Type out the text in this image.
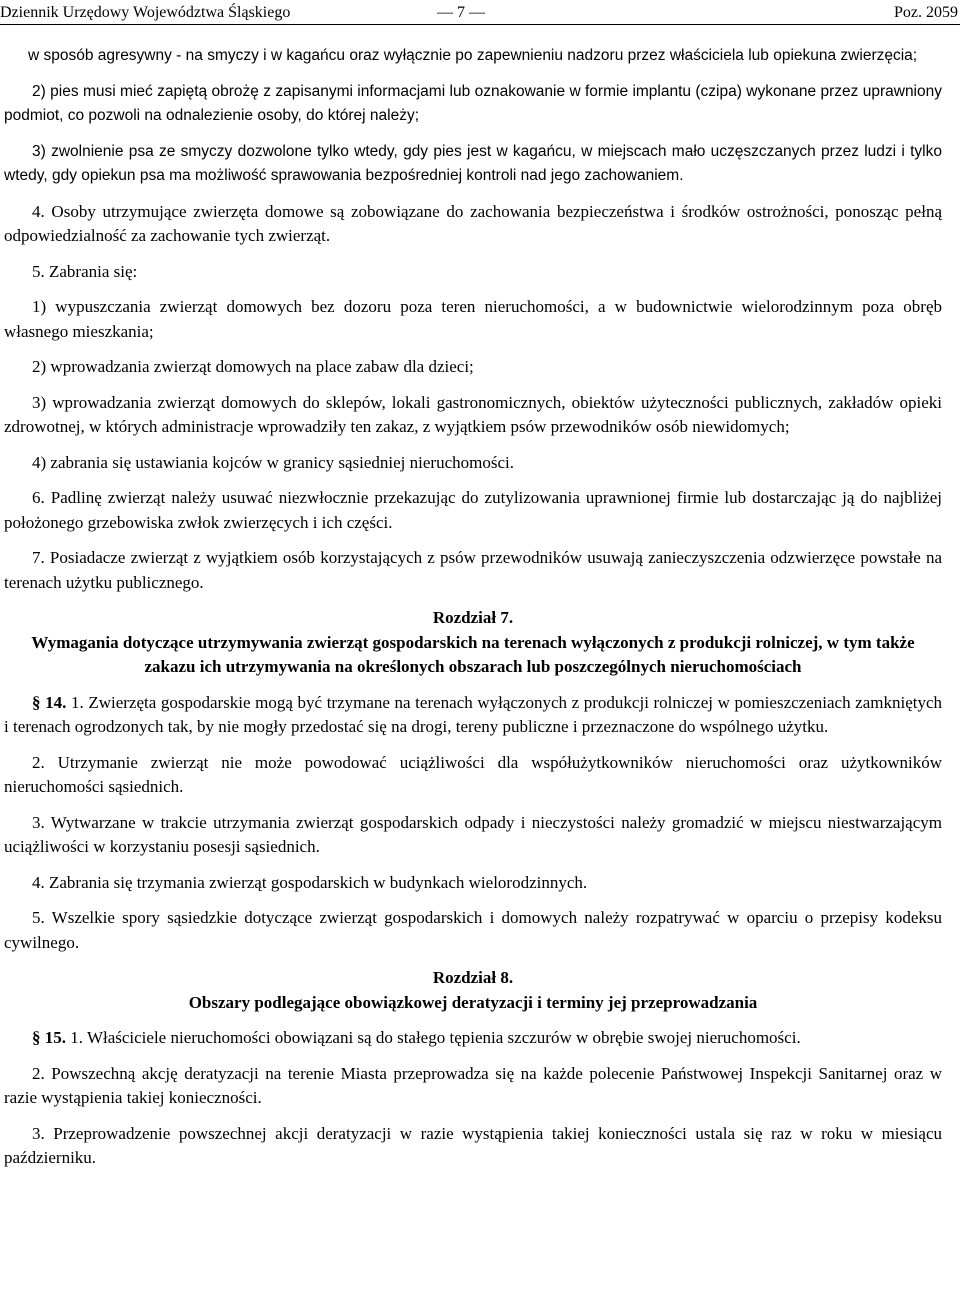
Dziennik Urzędowy Województwa Śląskiego	— 7 —	Poz. 2059

w sposób agresywny - na smyczy i w kagańcu oraz wyłącznie po zapewnieniu nadzoru przez właściciela lub opiekuna zwierzęcia;

2) pies musi mieć zapiętą obrożę z zapisanymi informacjami lub oznakowanie w formie implantu (czipa) wykonane przez uprawniony podmiot, co pozwoli na odnalezienie osoby, do której należy;

3) zwolnienie psa ze smyczy dozwolone tylko wtedy, gdy pies jest w kagańcu, w miejscach mało uczęszczanych przez ludzi i tylko wtedy, gdy opiekun psa ma możliwość sprawowania bezpośredniej kontroli nad jego zachowaniem.

4. Osoby utrzymujące zwierzęta domowe są zobowiązane do zachowania bezpieczeństwa i środków ostrożności, ponosząc pełną odpowiedzialność za zachowanie tych zwierząt.

5. Zabrania się:

1) wypuszczania zwierząt domowych bez dozoru poza teren nieruchomości, a w budownictwie wielorodzinnym poza obręb własnego mieszkania;

2) wprowadzania zwierząt domowych na place zabaw dla dzieci;

3) wprowadzania zwierząt domowych do sklepów, lokali gastronomicznych, obiektów użyteczności publicznych, zakładów opieki zdrowotnej, w których administracje wprowadziły ten zakaz, z wyjątkiem psów przewodników osób niewidomych;

4) zabrania się ustawiania kojców w granicy sąsiedniej nieruchomości.

6. Padlinę zwierząt należy usuwać niezwłocznie przekazując do zutylizowania uprawnionej firmie lub dostarczając ją do najbliżej położonego grzebowiska zwłok zwierzęcych i ich części.

7. Posiadacze zwierząt z wyjątkiem osób korzystających z psów przewodników usuwają zanieczyszczenia odzwierzęce powstałe na terenach użytku publicznego.

Rozdział 7.

Wymagania dotyczące utrzymywania zwierząt gospodarskich na terenach wyłączonych z produkcji rolniczej, w tym także zakazu ich utrzymywania na określonych obszarach lub poszczególnych nieruchomościach

§ 14. 1. Zwierzęta gospodarskie mogą być trzymane na terenach wyłączonych z produkcji rolniczej w pomieszczeniach zamkniętych i terenach ogrodzonych tak, by nie mogły przedostać się na drogi, tereny publiczne i przeznaczone do wspólnego użytku.

2. Utrzymanie zwierząt nie może powodować uciążliwości dla współużytkowników nieruchomości oraz użytkowników nieruchomości sąsiednich.

3. Wytwarzane w trakcie utrzymania zwierząt gospodarskich odpady i nieczystości należy gromadzić w miejscu niestwarzającym uciążliwości w korzystaniu posesji sąsiednich.

4. Zabrania się trzymania zwierząt gospodarskich w budynkach wielorodzinnych.

5. Wszelkie spory sąsiedzkie dotyczące zwierząt gospodarskich i domowych należy rozpatrywać w oparciu o przepisy kodeksu cywilnego.

Rozdział 8.

Obszary podlegające obowiązkowej deratyzacji i terminy jej przeprowadzania

§ 15. 1. Właściciele nieruchomości obowiązani są do stałego tępienia szczurów w obrębie swojej nieruchomości.

2. Powszechną akcję deratyzacji na terenie Miasta przeprowadza się na każde polecenie Państwowej Inspekcji Sanitarnej oraz w razie wystąpienia takiej konieczności.

3. Przeprowadzenie powszechnej akcji deratyzacji w razie wystąpienia takiej konieczności ustala się raz w roku w miesiącu październiku.
